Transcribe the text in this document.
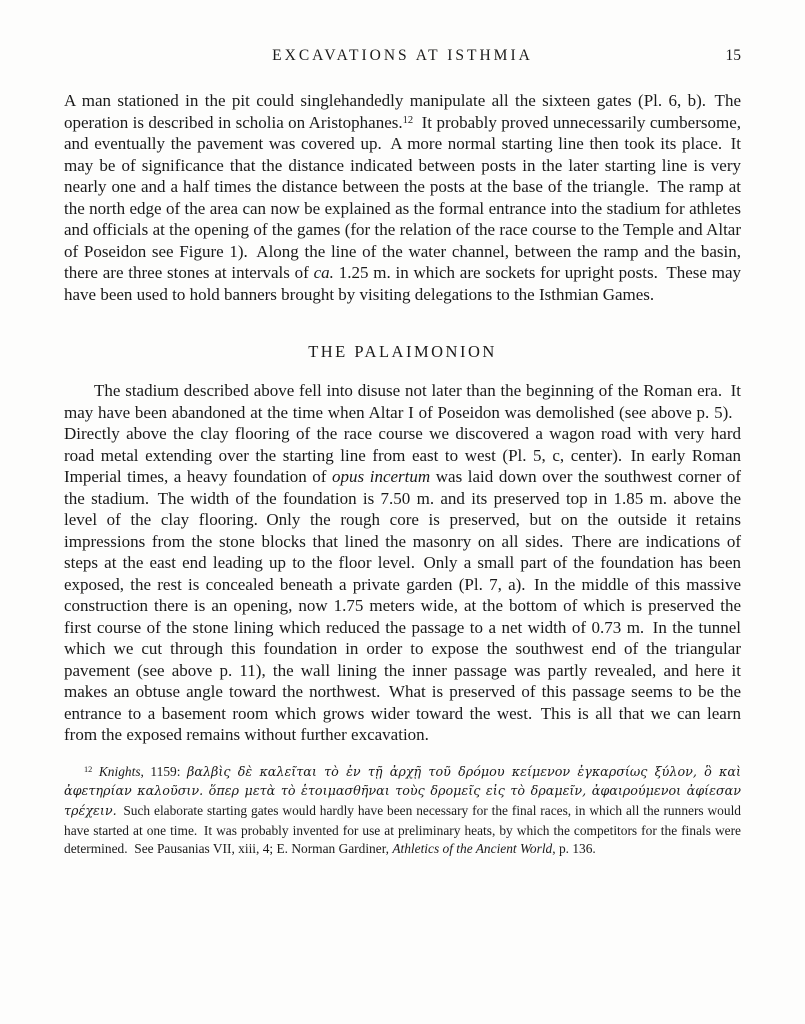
EXCAVATIONS AT ISTHMIA	15

A man stationed in the pit could singlehandedly manipulate all the sixteen gates (Pl. 6, b). The operation is described in scholia on Aristophanes.$^{12}$ It probably proved unnecessarily cumbersome, and eventually the pavement was covered up. A more normal starting line then took its place. It may be of significance that the distance indicated between posts in the later starting line is very nearly one and a half times the distance between the posts at the base of the triangle. The ramp at the north edge of the area can now be explained as the formal entrance into the stadium for athletes and officials at the opening of the games (for the relation of the race course to the Temple and Altar of Poseidon see Figure 1). Along the line of the water channel, between the ramp and the basin, there are three stones at intervals of ca. 1.25 m. in which are sockets for upright posts. These may have been used to hold banners brought by visiting delegations to the Isthmian Games.

THE PALAIMONION

The stadium described above fell into disuse not later than the beginning of the Roman era. It may have been abandoned at the time when Altar I of Poseidon was demolished (see above p. 5). Directly above the clay flooring of the race course we discovered a wagon road with very hard road metal extending over the starting line from east to west (Pl. 5, c, center). In early Roman Imperial times, a heavy foundation of opus incertum was laid down over the southwest corner of the stadium. The width of the foundation is 7.50 m. and its preserved top in 1.85 m. above the level of the clay flooring. Only the rough core is preserved, but on the outside it retains impressions from the stone blocks that lined the masonry on all sides. There are indications of steps at the east end leading up to the floor level. Only a small part of the foundation has been exposed, the rest is concealed beneath a private garden (Pl. 7, a). In the middle of this massive construction there is an opening, now 1.75 meters wide, at the bottom of which is preserved the first course of the stone lining which reduced the passage to a net width of 0.73 m. In the tunnel which we cut through this foundation in order to expose the southwest end of the triangular pavement (see above p. 11), the wall lining the inner passage was partly revealed, and here it makes an obtuse angle toward the northwest. What is preserved of this passage seems to be the entrance to a basement room which grows wider toward the west. This is all that we can learn from the exposed remains without further excavation.

$^{12}$ Knights, 1159: βαλβὶς δὲ καλεῖται τὸ ἐν τῇ ἀρχῇ τοῦ δρόμου κείμενον ἐγκαρσίως ξύλον, ὃ καὶ ἀφετηρίαν καλοῦσιν. ὅπερ μετὰ τὸ ἑτοιμασθῆναι τοὺς δρομεῖς εἰς τὸ δραμεῖν, ἀφαιρούμενοι ἀφίεσαν τρέχειν. Such elaborate starting gates would hardly have been necessary for the final races, in which all the runners would have started at one time. It was probably invented for use at preliminary heats, by which the competitors for the finals were determined. See Pausanias VII, xiii, 4; E. Norman Gardiner, Athletics of the Ancient World, p. 136.
